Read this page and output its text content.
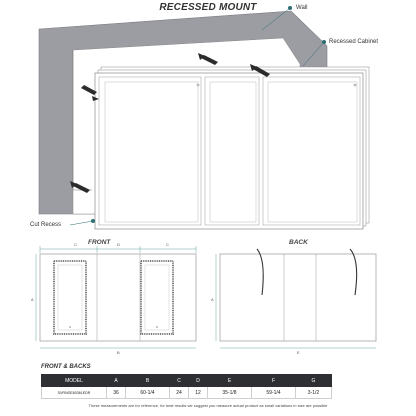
RECESSED MOUNT	Wall
Recessed Cabinet
Cut Recess
FRONT	BACK
C	D	C
A
B
A
E
FRONT & BACKS
MODEL	A	B	C	D	E	F	G
SVRNGE6036LEDR	36	60-1/4	24	12	35-1/8	59-1/4	3-1/2
These measurements are for reference, for best results we suggest you measure actual product as small variations in size are possible
